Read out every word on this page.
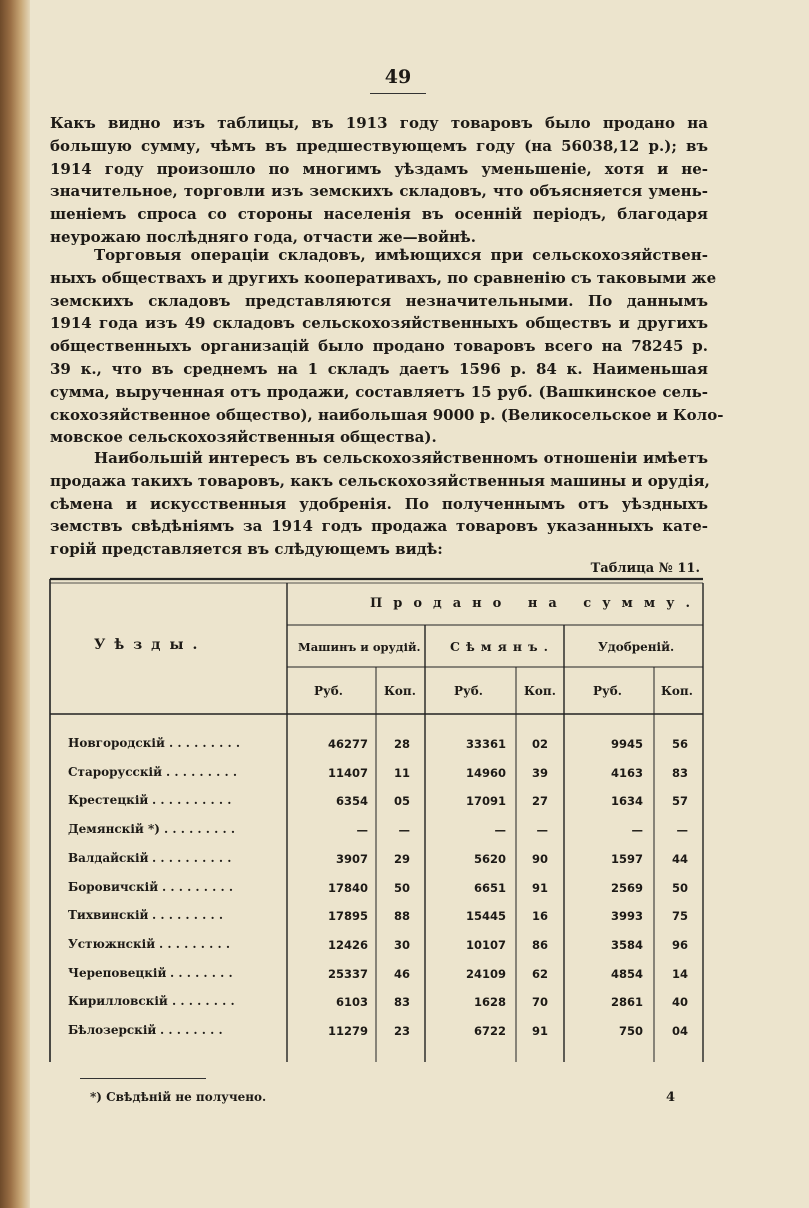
49
Какъ видно изъ таблицы, въ 1913 году товаровъ было продано на
большую сумму, чѣмъ въ предшествующемъ году (на 56038,12 р.); въ
1914 году произошло по многимъ уѣздамъ уменьшеніе, хотя и не-
значительное, торговли изъ земскихъ складовъ, что объясняется умень-
шеніемъ спроса со стороны населенія въ осенній періодъ, благодаря
неурожаю послѣдняго года, отчасти же—войнѣ.
Торговыя операціи складовъ, имѣющихся при сельскохозяйствен-
ныхъ обществахъ и другихъ кооперативахъ, по сравненію съ таковыми же
земскихъ складовъ представляются незначительными. По даннымъ
1914 года изъ 49 складовъ сельскохозяйственныхъ обществъ и другихъ
общественныхъ организацій было продано товаровъ всего на 78245 р.
39 к., что въ среднемъ на 1 складъ даетъ 1596 р. 84 к. Наименьшая
сумма, вырученная отъ продажи, составляетъ 15 руб. (Вашкинское сель-
скохозяйственное общество), наибольшая 9000 р. (Великосельское и Коло-
мовское сельскохозяйственныя общества).
Наибольшій интересъ въ сельскохозяйственномъ отношеніи имѣетъ
продажа такихъ товаровъ, какъ сельскохозяйственныя машины и орудія,
сѣмена и искусственныя удобренія. По полученнымъ отъ уѣздныхъ
земствъ свѣдѣніямъ за 1914 годъ продажа товаровъ указанныхъ кате-
горій представляется въ слѣдующемъ видѣ:
Таблица № 11.
Уѣзды.
Продано на сумму.
Машинъ и орудій. Сѣмянъ.	Удобреній.
Руб.	Коп.	Руб.	Коп.	Руб.	Коп.
Новгородскій . . . . . . . . .	46277	28	33361	02	9945	56
Старорусскій . . . . . . . . .	11407	11	14960	39	4163	83
Крестецкій . . . . . . . . . .	6354	05	17091	27	1634	57
Демянскій *) . . . . . . . . .	—	—	—	—	—	—
Валдайскій . . . . . . . . . .	3907	29	5620	90	1597	44
Боровичскій . . . . . . . . .	17840	50	6651	91	2569	50
Тихвинскій . . . . . . . . .	17895	88	15445	16	3993	75
Устюжнскій . . . . . . . . .	12426	30	10107	86	3584	96
Череповецкій . . . . . . . .	25337	46	24109	62	4854	14
Кирилловскій . . . . . . . .	6103	83	1628	70	2861	40
Бѣлозерскій . . . . . . . .	11279	23	6722	91	750	04
*) Свѣдѣній не получено.	4
